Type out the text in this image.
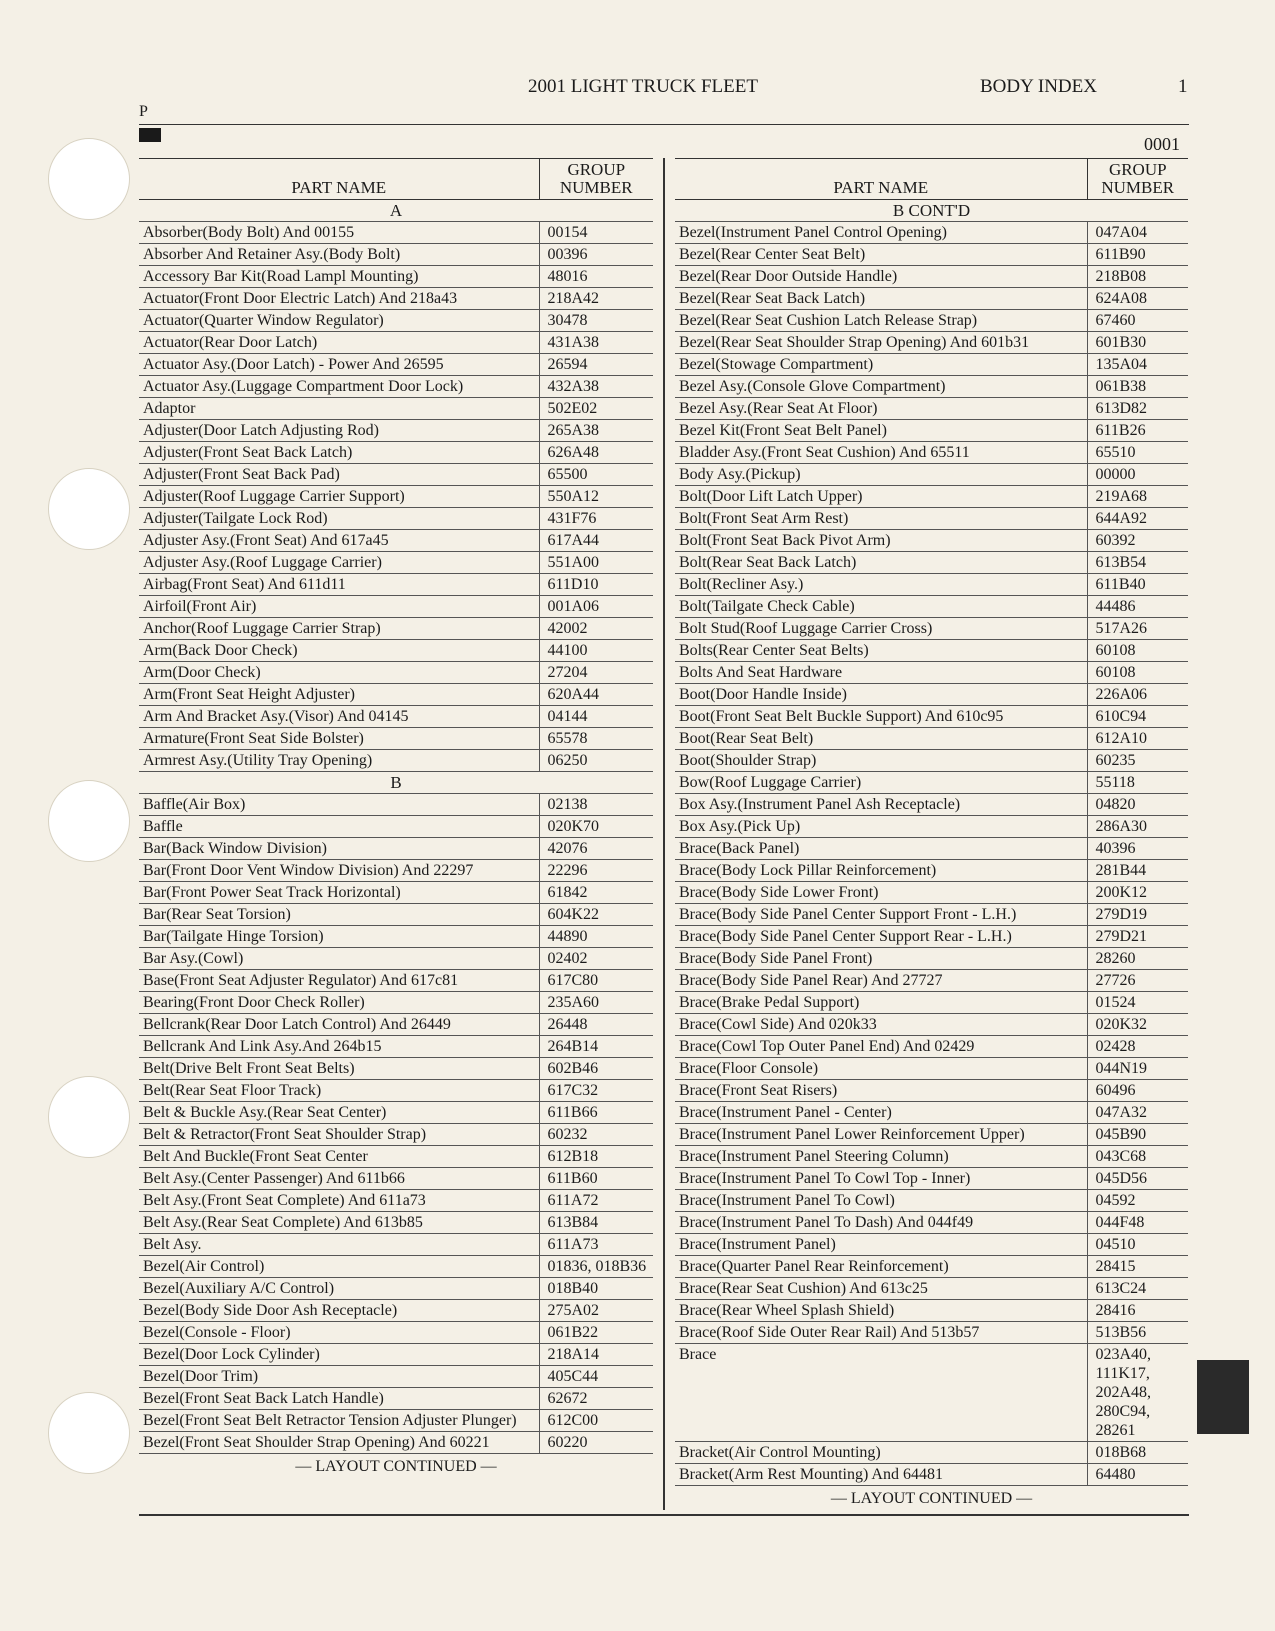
2001 LIGHT TRUCK FLEET	BODY INDEX	1
P
0001
PART NAME	GROUP
NUMBER
A	
Absorber(Body Bolt) And 00155	00154
Absorber And Retainer Asy.(Body Bolt)	00396
Accessory Bar Kit(Road Lampl Mounting)	48016
Actuator(Front Door Electric Latch) And 218a43	218A42
Actuator(Quarter Window Regulator)	30478
Actuator(Rear Door Latch)	431A38
Actuator Asy.(Door Latch) - Power And 26595	26594
Actuator Asy.(Luggage Compartment Door Lock)	432A38
Adaptor	502E02
Adjuster(Door Latch Adjusting Rod)	265A38
Adjuster(Front Seat Back Latch)	626A48
Adjuster(Front Seat Back Pad)	65500
Adjuster(Roof Luggage Carrier Support)	550A12
Adjuster(Tailgate Lock Rod)	431F76
Adjuster Asy.(Front Seat) And 617a45	617A44
Adjuster Asy.(Roof Luggage Carrier)	551A00
Airbag(Front Seat) And 611d11	611D10
Airfoil(Front Air)	001A06
Anchor(Roof Luggage Carrier Strap)	42002
Arm(Back Door Check)	44100
Arm(Door Check)	27204
Arm(Front Seat Height Adjuster)	620A44
Arm And Bracket Asy.(Visor) And 04145	04144
Armature(Front Seat Side Bolster)	65578
Armrest Asy.(Utility Tray Opening)	06250
B	
Baffle(Air Box)	02138
Baffle	020K70
Bar(Back Window Division)	42076
Bar(Front Door Vent Window Division) And 22297	22296
Bar(Front Power Seat Track Horizontal)	61842
Bar(Rear Seat Torsion)	604K22
Bar(Tailgate Hinge Torsion)	44890
Bar Asy.(Cowl)	02402
Base(Front Seat Adjuster Regulator) And 617c81	617C80
Bearing(Front Door Check Roller)	235A60
Bellcrank(Rear Door Latch Control) And 26449	26448
Bellcrank And Link Asy.And 264b15	264B14
Belt(Drive Belt Front Seat Belts)	602B46
Belt(Rear Seat Floor Track)	617C32
Belt & Buckle Asy.(Rear Seat Center)	611B66
Belt & Retractor(Front Seat Shoulder Strap)	60232
Belt And Buckle(Front Seat Center	612B18
Belt Asy.(Center Passenger) And 611b66	611B60
Belt Asy.(Front Seat Complete) And 611a73	611A72
Belt Asy.(Rear Seat Complete) And 613b85	613B84
Belt Asy.	611A73
Bezel(Air Control)	01836, 018B36
Bezel(Auxiliary A/C Control)	018B40
Bezel(Body Side Door Ash Receptacle)	275A02
Bezel(Console - Floor)	061B22
Bezel(Door Lock Cylinder)	218A14
Bezel(Door Trim)	405C44
Bezel(Front Seat Back Latch Handle)	62672
Bezel(Front Seat Belt Retractor Tension Adjuster Plunger)	612C00
Bezel(Front Seat Shoulder Strap Opening) And 60221	60220
— LAYOUT CONTINUED —
PART NAME	GROUP
NUMBER
B CONT'D	
Bezel(Instrument Panel Control Opening)	047A04
Bezel(Rear Center Seat Belt)	611B90
Bezel(Rear Door Outside Handle)	218B08
Bezel(Rear Seat Back Latch)	624A08
Bezel(Rear Seat Cushion Latch Release Strap)	67460
Bezel(Rear Seat Shoulder Strap Opening) And 601b31	601B30
Bezel(Stowage Compartment)	135A04
Bezel Asy.(Console Glove Compartment)	061B38
Bezel Asy.(Rear Seat At Floor)	613D82
Bezel Kit(Front Seat Belt Panel)	611B26
Bladder Asy.(Front Seat Cushion) And 65511	65510
Body Asy.(Pickup)	00000
Bolt(Door Lift Latch Upper)	219A68
Bolt(Front Seat Arm Rest)	644A92
Bolt(Front Seat Back Pivot Arm)	60392
Bolt(Rear Seat Back Latch)	613B54
Bolt(Recliner Asy.)	611B40
Bolt(Tailgate Check Cable)	44486
Bolt Stud(Roof Luggage Carrier Cross)	517A26
Bolts(Rear Center Seat Belts)	60108
Bolts And Seat Hardware	60108
Boot(Door Handle Inside)	226A06
Boot(Front Seat Belt Buckle Support) And 610c95	610C94
Boot(Rear Seat Belt)	612A10
Boot(Shoulder Strap)	60235
Bow(Roof Luggage Carrier)	55118
Box Asy.(Instrument Panel Ash Receptacle)	04820
Box Asy.(Pick Up)	286A30
Brace(Back Panel)	40396
Brace(Body Lock Pillar Reinforcement)	281B44
Brace(Body Side Lower Front)	200K12
Brace(Body Side Panel Center Support Front - L.H.)	279D19
Brace(Body Side Panel Center Support Rear - L.H.)	279D21
Brace(Body Side Panel Front)	28260
Brace(Body Side Panel Rear) And 27727	27726
Brace(Brake Pedal Support)	01524
Brace(Cowl Side) And 020k33	020K32
Brace(Cowl Top Outer Panel End) And 02429	02428
Brace(Floor Console)	044N19
Brace(Front Seat Risers)	60496
Brace(Instrument Panel - Center)	047A32
Brace(Instrument Panel Lower Reinforcement Upper)	045B90
Brace(Instrument Panel Steering Column)	043C68
Brace(Instrument Panel To Cowl Top - Inner)	045D56
Brace(Instrument Panel To Cowl)	04592
Brace(Instrument Panel To Dash) And 044f49	044F48
Brace(Instrument Panel)	04510
Brace(Quarter Panel Rear Reinforcement)	28415
Brace(Rear Seat Cushion) And 613c25	613C24
Brace(Rear Wheel Splash Shield)	28416
Brace(Roof Side Outer Rear Rail) And 513b57	513B56
Brace	023A40, 111K17, 202A48, 280C94, 28261
Bracket(Air Control Mounting)	018B68
Bracket(Arm Rest Mounting) And 64481	64480
— LAYOUT CONTINUED —
